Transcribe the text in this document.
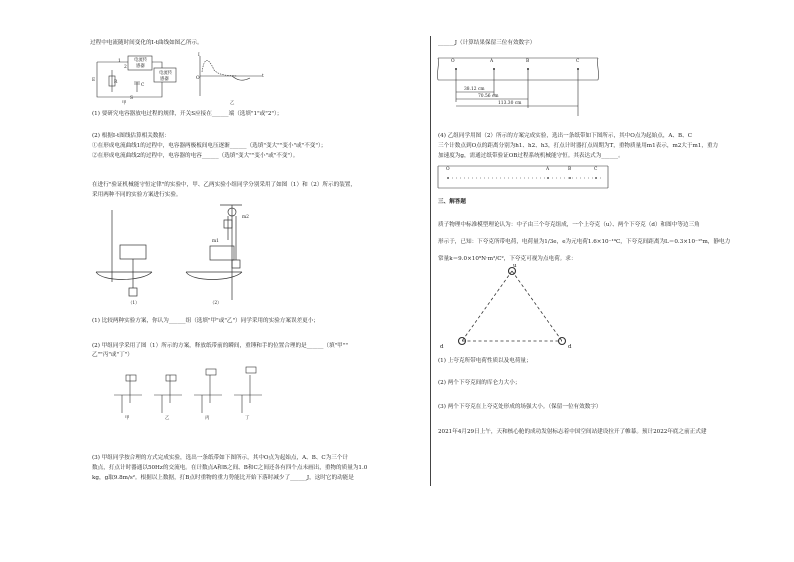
过程中电流随时间变化的I-t曲线如图乙所示。
电流传
感器
电流传
感器
E	R
C
1
2
S
甲
I
O	t
乙
(1) 要研究电容器放电过程的规律，开关S应接在______端（选填"1"或"2"）；
(2) 根据I-t图线估算相关数据：
①在形成电流曲线1的过程中，电容器两极板间电压逐渐______（选填"变大""变小"或"不变"）；
②在形成电流曲线2的过程中，电容器的电容______（选填"变大""变小"或"不变"）。
在进行"验证机械能守恒定律"的实验中，甲、乙两实验小组同学分别采用了如图（1）和（2）所示的装置，
采用两种不同的实验方案进行实验。
（1）	（2）
m1
m2
(1) 比较两种实验方案，你认为______组（选填"甲"或"乙"）同学采用的实验方案误差更小；
(2) 甲组同学采用了图（1）所示的方案，释放纸带前的瞬间，重锤和手的位置合理的是______（填"甲""
乙""丙"或"丁"）
甲	乙	丙	丁
(3) 甲组同学按合理的方式完成实验，选出一条纸带如下图所示，其中O点为起始点，A、B、C为三个计
数点，打点计时器通以50Hz的交流电。在计数点A和B之间、B和C之间还各有四个点未画出，重物的质量为1.0
kg，g取9.8m/s²。根据以上数据，打B点时重物的重力势能比开始下落时减少了______J，这时它的动能是
______J（计算结果保留三位有效数字）
O	A	B	C
38.12 cm
70.56 cm
113.30 cm
(4) 乙组同学用图（2）所示的方案完成实验，选出一条纸带如下图所示，其中O点为起始点，A、B、C
三个计数点到O点的距离分别为h1、h2、h3，打点计时器打点周期为T，重物质量用m1表示，m2大于m1，重力
加速度为g，需通过纸带验证OB过程系统机械能守恒。其表达式为______。
O	A	B	C
三、解答题
质子物理中标准模型理论认为：中子由三个夸克组成，一个上夸克（u）、两个下夸克（d）和图中等边三角
形示于，已知：下夸克所带电荷，电荷量为1/3e，e为元电荷1.6×10⁻¹⁹C，下夸克间距离为L＝0.3×10⁻¹⁵m，静电力
常量k＝9.0×10⁹N·m²/C²，下夸克可视为点电荷。求：
u
d	d
(1) 上夸克所带电荷性质以及电荷量；
(2) 两个下夸克间的库仑力大小；
(3) 两个下夸克在上夸克处形成的场强大小。（保留一位有效数字）
2021年4月29日上午，天和核心舱的成功发射标志着中国空间站建设拉开了帷幕。预计2022年底之前正式建
